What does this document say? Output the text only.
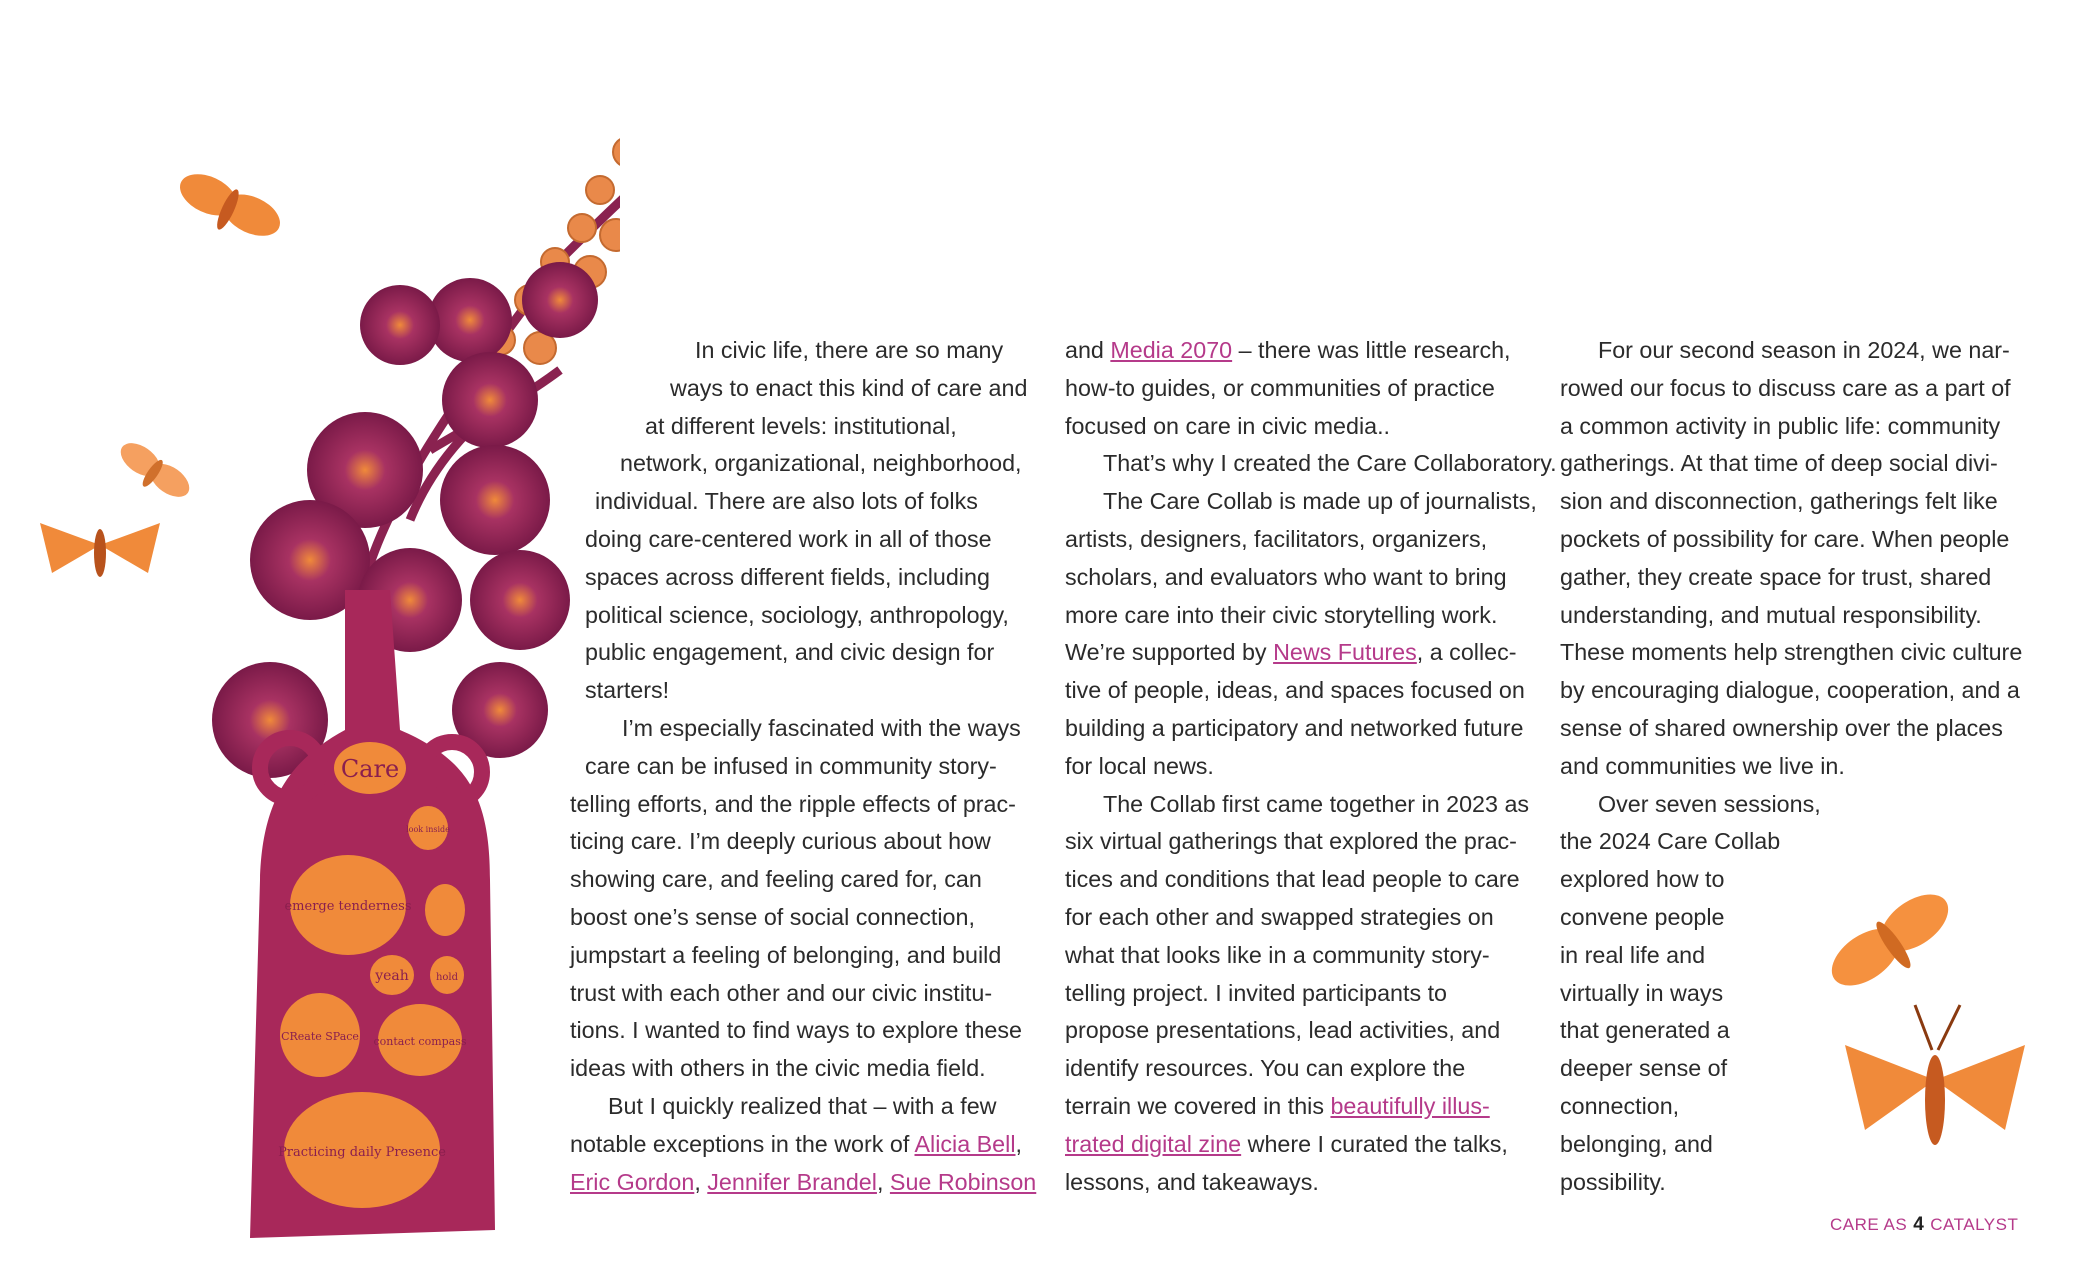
Care
look inside
emerge tenderness
yeah	hold
CReate SPace contact compass
Practicing daily Presence

In civic life, there are so many
ways to enact this kind of care and
at different levels: institutional,
network, organizational, neighborhood,
individual. There are also lots of folks
doing care-centered work in all of those
spaces across different fields, including
political science, sociology, anthropology,
public engagement, and civic design for
starters!

I’m especially fascinated with the ways
care can be infused in community story-
telling efforts, and the ripple effects of prac-
ticing care. I’m deeply curious about how
showing care, and feeling cared for, can
boost one’s sense of social connection,
jumpstart a feeling of belonging, and build
trust with each other and our civic institu-
tions. I wanted to find ways to explore these
ideas with others in the civic media field.

But I quickly realized that – with a few
notable exceptions in the work of Alicia Bell,
Eric Gordon, Jennifer Brandel, Sue Robinson

and Media 2070 – there was little research,
how-to guides, or communities of practice
focused on care in civic media..

That’s why I created the Care Collaboratory.

The Care Collab is made up of journalists,
artists, designers, facilitators, organizers,
scholars, and evaluators who want to bring
more care into their civic storytelling work.
We’re supported by News Futures, a collec-
tive of people, ideas, and spaces focused on
building a participatory and networked future
for local news.

The Collab first came together in 2023 as
six virtual gatherings that explored the prac-
tices and conditions that lead people to care
for each other and swapped strategies on
what that looks like in a community story-
telling project. I invited participants to
propose presentations, lead activities, and
identify resources. You can explore the
terrain we covered in this beautifully illus-
trated digital zine where I curated the talks,
lessons, and takeaways.

For our second season in 2024, we nar-
rowed our focus to discuss care as a part of
a common activity in public life: community
gatherings. At that time of deep social divi-
sion and disconnection, gatherings felt like
pockets of possibility for care. When people
gather, they create space for trust, shared
understanding, and mutual responsibility.
These moments help strengthen civic culture
by encouraging dialogue, cooperation, and a
sense of shared ownership over the places
and communities we live in.

Over seven sessions,
the 2024 Care Collab
explored how to
convene people
in real life and
virtually in ways
that generated a
deeper sense of
connection,
belonging, and
possibility.

CARE AS 4 CATALYST
